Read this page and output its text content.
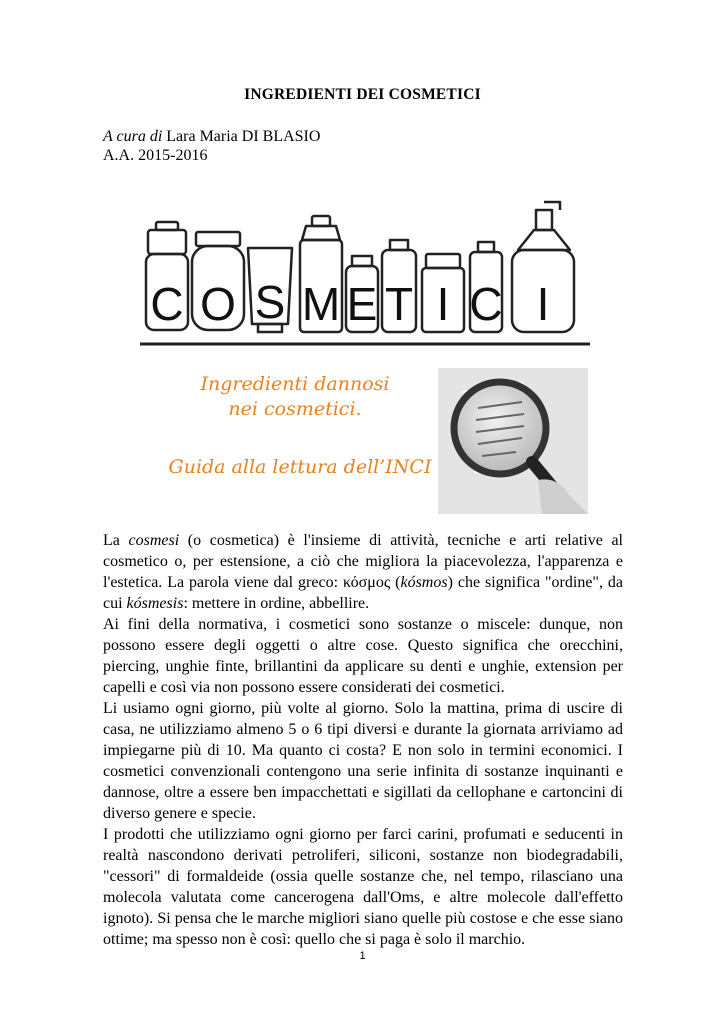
INGREDIENTI DEI COSMETICI
A cura di Lara Maria DI BLASIO
A.A. 2015-2016
C O S M E T I C I
Ingredienti dannosi
nei cosmetici.
Guida alla lettura dell’INCI

La cosmesi (o cosmetica) è l'insieme di attività, tecniche e arti relative al cosmetico o, per estensione, a ciò che migliora la piacevolezza, l'apparenza e l'estetica. La parola viene dal greco: κόσμος (kósmos) che significa "ordine", da cui kósmesis: mettere in ordine, abbellire.

Ai fini della normativa, i cosmetici sono sostanze o miscele: dunque, non possono essere degli oggetti o altre cose. Questo significa che orecchini, piercing, unghie finte, brillantini da applicare su denti e unghie, extension per capelli e così via non possono essere considerati dei cosmetici.

Li usiamo ogni giorno, più volte al giorno. Solo la mattina, prima di uscire di casa, ne utilizziamo almeno 5 o 6 tipi diversi e durante la giornata arriviamo ad impiegarne più di 10. Ma quanto ci costa? E non solo in termini economici. I cosmetici convenzionali contengono una serie infinita di sostanze inquinanti e dannose, oltre a essere ben impacchettati e sigillati da cellophane e cartoncini di diverso genere e specie.

I prodotti che utilizziamo ogni giorno per farci carini, profumati e seducenti in realtà nascondono derivati petroliferi, siliconi, sostanze non biodegradabili, "cessori" di formaldeide (ossia quelle sostanze che, nel tempo, rilasciano una molecola valutata come cancerogena dall'Oms, e altre molecole dall'effetto ignoto). Si pensa che le marche migliori siano quelle più costose e che esse siano ottime; ma spesso non è così: quello che si paga è solo il marchio.

1
